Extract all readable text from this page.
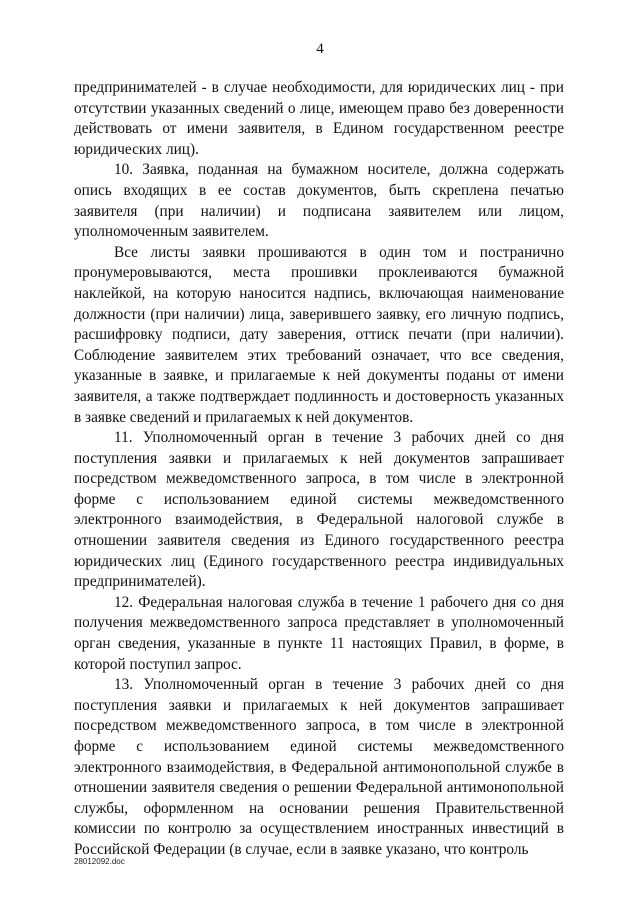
4

предпринимателей - в случае необходимости, для юридических лиц - при отсутствии указанных сведений о лице, имеющем право без доверенности действовать от имени заявителя, в Едином государственном реестре юридических лиц).

10. Заявка, поданная на бумажном носителе, должна содержать опись входящих в ее состав документов, быть скреплена печатью заявителя (при наличии) и подписана заявителем или лицом, уполномоченным заявителем.

Все листы заявки прошиваются в один том и постранично пронумеровываются, места прошивки проклеиваются бумажной наклейкой, на которую наносится надпись, включающая наименование должности (при наличии) лица, заверившего заявку, его личную подпись, расшифровку подписи, дату заверения, оттиск печати (при наличии). Соблюдение заявителем этих требований означает, что все сведения, указанные в заявке, и прилагаемые к ней документы поданы от имени заявителя, а также подтверждает подлинность и достоверность указанных в заявке сведений и прилагаемых к ней документов.

11. Уполномоченный орган в течение 3 рабочих дней со дня поступления заявки и прилагаемых к ней документов запрашивает посредством межведомственного запроса, в том числе в электронной форме с использованием единой системы межведомственного электронного взаимодействия, в Федеральной налоговой службе в отношении заявителя сведения из Единого государственного реестра юридических лиц (Единого государственного реестра индивидуальных предпринимателей).

12. Федеральная налоговая служба в течение 1 рабочего дня со дня получения межведомственного запроса представляет в уполномоченный орган сведения, указанные в пункте 11 настоящих Правил, в форме, в которой поступил запрос.

13. Уполномоченный орган в течение 3 рабочих дней со дня поступления заявки и прилагаемых к ней документов запрашивает посредством межведомственного запроса, в том числе в электронной форме с использованием единой системы межведомственного электронного взаимодействия, в Федеральной антимонопольной службе в отношении заявителя сведения о решении Федеральной антимонопольной службы, оформленном на основании решения Правительственной комиссии по контролю за осуществлением иностранных инвестиций в Российской Федерации (в случае, если в заявке указано, что контроль

28012092.doc
